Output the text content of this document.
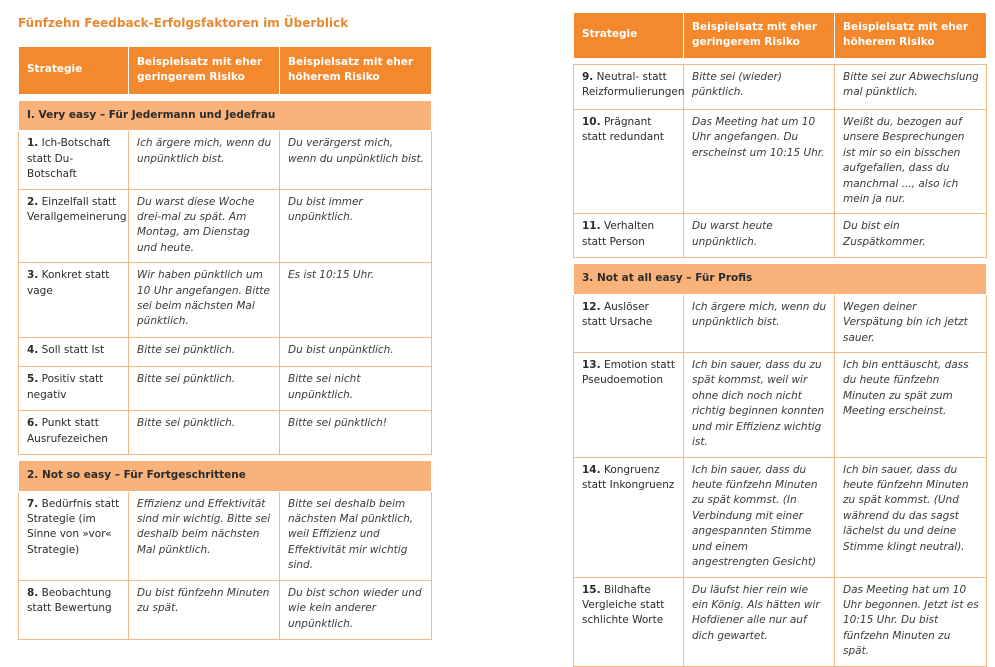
Fünfzehn Feedback-Erfolgsfaktoren im Überblick
Strategie	Beispielsatz mit eher geringerem Risiko	Beispielsatz mit eher höherem Risiko

I. Very easy – Für Jedermann und Jedefrau		
1. Ich-Botschaft statt Du-Botschaft	Ich ärgere mich, wenn du unpünktlich bist.	Du verärgerst mich, wenn du unpünktlich bist.
2. Einzelfall statt Verallgemeinerung	Du warst diese Woche drei-mal zu spät. Am Montag, am Dienstag und heute.	Du bist immer unpünktlich.
3. Konkret statt vage	Wir haben pünktlich um 10 Uhr angefangen. Bitte sei beim nächsten Mal pünktlich.	Es ist 10:15 Uhr.
4. Soll statt Ist	Bitte sei pünktlich.	Du bist unpünktlich.
5. Positiv statt negativ	Bitte sei pünktlich.	Bitte sei nicht unpünktlich.
6. Punkt statt Ausrufezeichen	Bitte sei pünktlich.	Bitte sei pünktlich!

2. Not so easy – Für Fortgeschrittene		
7. Bedürfnis statt Strategie (im Sinne von »vor« Strategie)	Effizienz und Effektivität sind mir wichtig. Bitte sei deshalb beim nächsten Mal pünktlich.	Bitte sei deshalb beim nächsten Mal pünktlich, weil Effizienz und Effektivität mir wichtig sind.
8. Beobachtung statt Bewertung	Du bist fünfzehn Minuten zu spät.	Du bist schon wieder und wie kein anderer unpünktlich.
Strategie	Beispielsatz mit eher geringerem Risiko	Beispielsatz mit eher höherem Risiko

9. Neutral- statt Reizformulierungen	Bitte sei (wieder) pünktlich.	Bitte sei zur Abwechslung mal pünktlich.
10. Prägnant statt redundant	Das Meeting hat um 10 Uhr angefangen. Du erscheinst um 10:15 Uhr.	Weißt du, bezogen auf unsere Besprechungen ist mir so ein bisschen aufgefallen, dass du manchmal ..., also ich mein ja nur.
11. Verhalten statt Person	Du warst heute unpünktlich.	Du bist ein Zuspätkommer.

3. Not at all easy – Für Profis		
12. Auslöser statt Ursache	Ich ärgere mich, wenn du unpünktlich bist.	Wegen deiner Verspätung bin ich jetzt sauer.
13. Emotion statt Pseudoemotion	Ich bin sauer, dass du zu spät kommst, weil wir ohne dich noch nicht richtig beginnen konnten und mir Effizienz wichtig ist.	Ich bin enttäuscht, dass du heute fünfzehn Minuten zu spät zum Meeting erscheinst.
14. Kongruenz statt Inkongruenz	Ich bin sauer, dass du heute fünfzehn Minuten zu spät kommst. (In Verbindung mit einer angespannten Stimme und einem angestrengten Gesicht)	Ich bin sauer, dass du heute fünfzehn Minuten zu spät kommst. (Und während du das sagst lächelst du und deine Stimme klingt neutral).
15. Bildhafte Vergleiche statt schlichte Worte	Du läufst hier rein wie ein König. Als hätten wir Hofdiener alle nur auf dich gewartet.	Das Meeting hat um 10 Uhr begonnen. Jetzt ist es 10:15 Uhr. Du bist fünfzehn Minuten zu spät.
